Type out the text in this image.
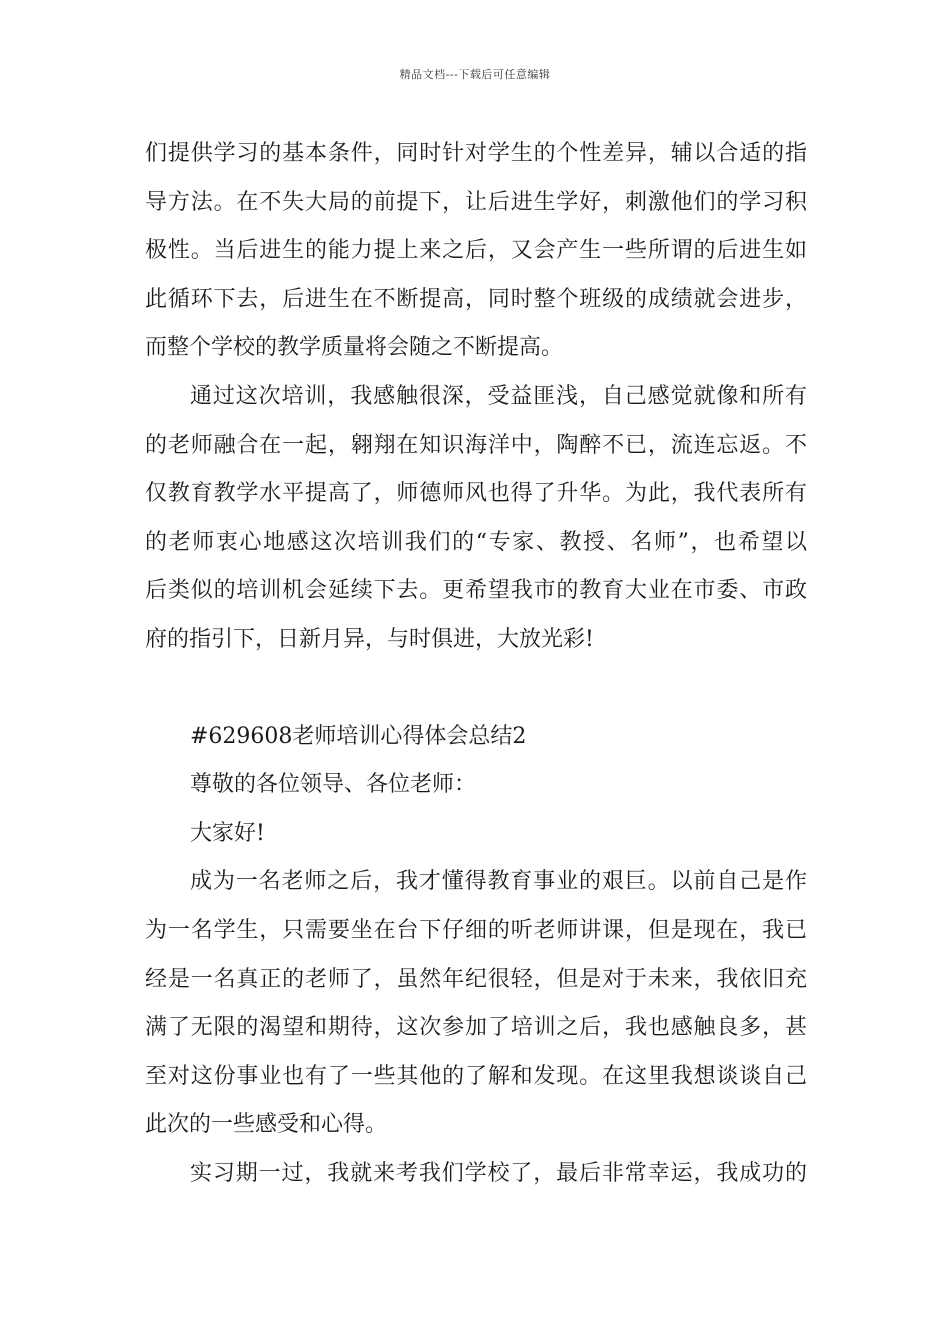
精品文档---下载后可任意编辑
们提供学习的基本条件，同时针对学生的个性差异，辅以合适的指
导方法。在不失大局的前提下，让后进生学好，刺激他们的学习积
极性。当后进生的能力提上来之后，又会产生一些所谓的后进生如
此循环下去，后进生在不断提高，同时整个班级的成绩就会进步，
而整个学校的教学质量将会随之不断提高。
通过这次培训，我感触很深，受益匪浅，自己感觉就像和所有
的老师融合在一起，翱翔在知识海洋中，陶醉不已，流连忘返。不
仅教育教学水平提高了，师德师风也得了升华。为此，我代表所有
的老师衷心地感这次培训我们的“专家、教授、名师”，也希望以
后类似的培训机会延续下去。更希望我市的教育大业在市委、市政
府的指引下，日新月异，与时俱进，大放光彩!
#629608老师培训心得体会总结2
尊敬的各位领导、各位老师：
大家好!
成为一名老师之后，我才懂得教育事业的艰巨。以前自己是作
为一名学生，只需要坐在台下仔细的听老师讲课，但是现在，我已
经是一名真正的老师了，虽然年纪很轻，但是对于未来，我依旧充
满了无限的渴望和期待，这次参加了培训之后，我也感触良多，甚
至对这份事业也有了一些其他的了解和发现。在这里我想谈谈自己
此次的一些感受和心得。
实习期一过，我就来考我们学校了，最后非常幸运，我成功的
